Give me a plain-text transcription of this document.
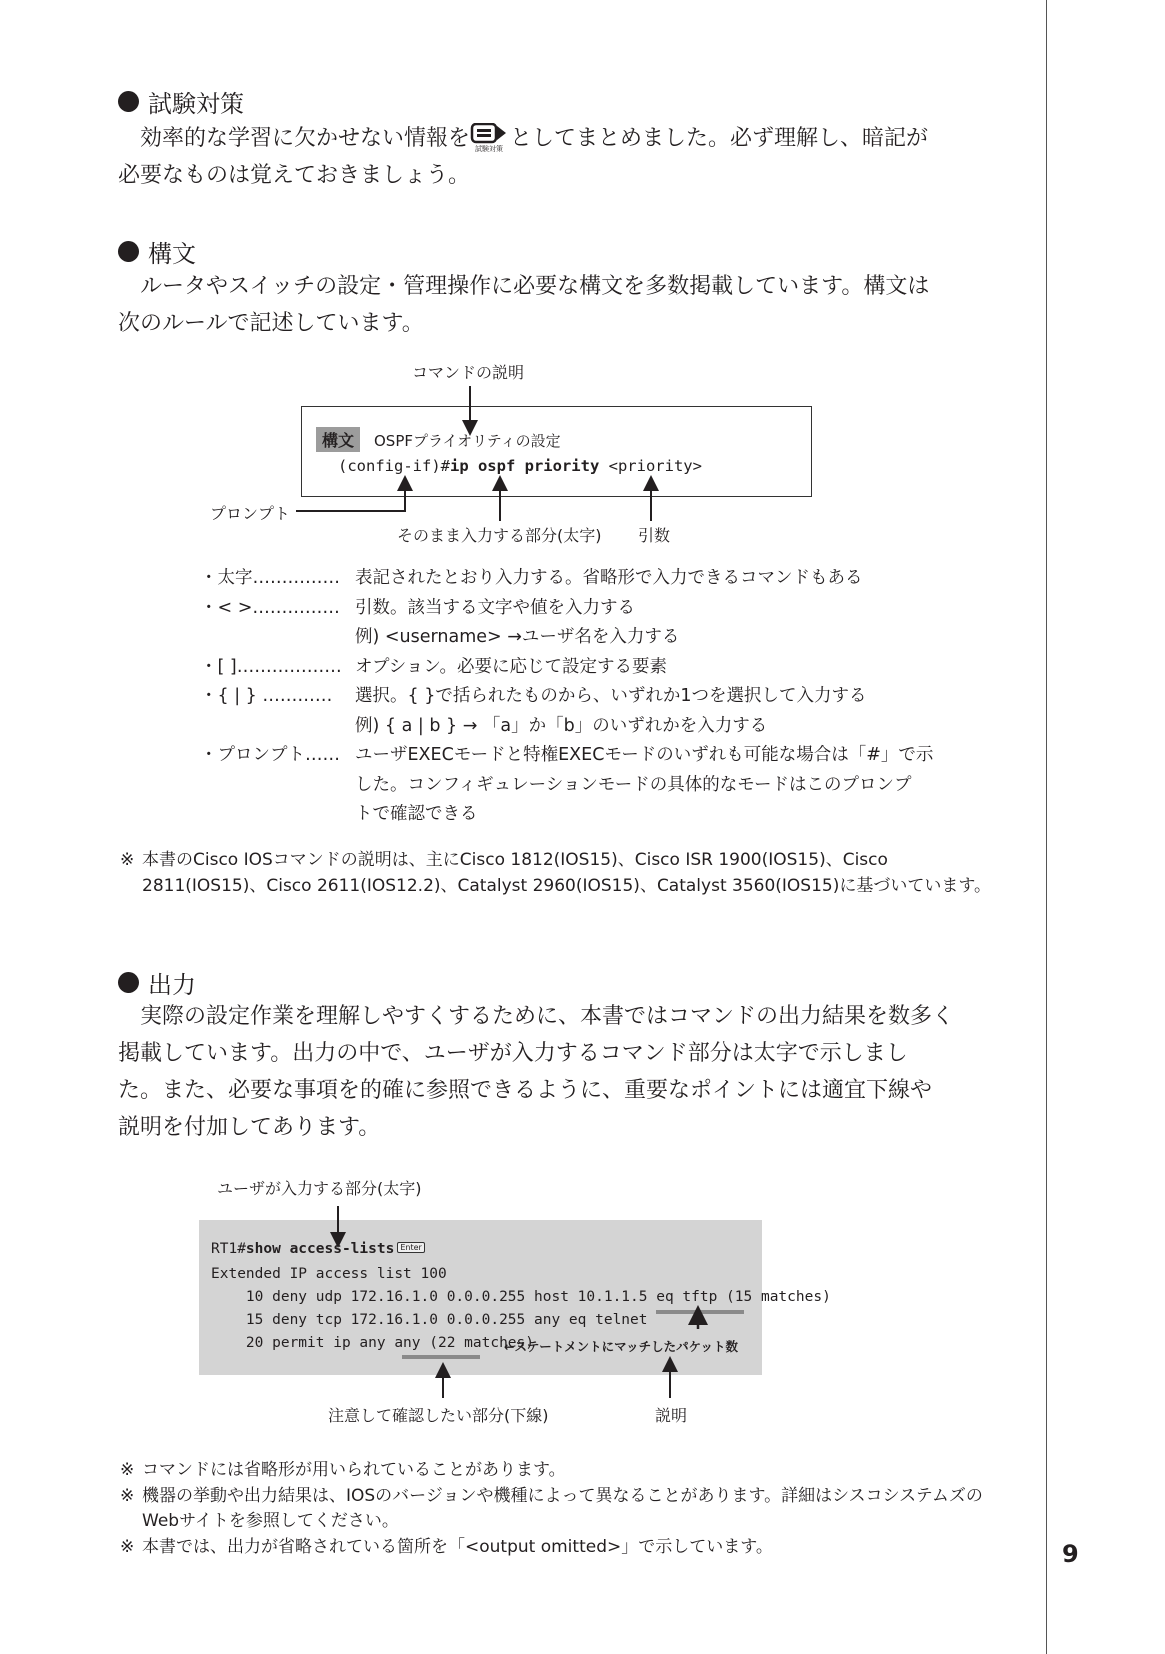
9
試験対策
効率的な学習に欠かせない情報を 試験対策 としてまとめました。必ず理解し、暗記が
必要なものは覚えておきましょう。
構文
ルータやスイッチの設定・管理操作に必要な構文を多数掲載しています。構文は
次のルールで記述しています。
コマンドの説明
構文	OSPFプライオリティの設定
(config-if)#ip ospf priority <priority>
プロンプト
そのまま入力する部分(太字) 引数
・太字…………… 表記されたとおり入力する。省略形で入力できるコマンドもある
・< >…………… 引数。該当する文字や値を入力する
例) <username> →ユーザ名を入力する
・[ ]……………… オプション。必要に応じて設定する要素
・{ | } …………	選択。{ }で括られたものから、いずれか1つを選択して入力する
例) { a | b } → 「a」か「b」のいずれかを入力する
・プロンプト…… ユーザEXECモードと特権EXECモードのいずれも可能な場合は「#」で示
した。コンフィギュレーションモードの具体的なモードはこのプロンプ
トで確認できる
※ 本書のCisco IOSコマンドの説明は、主にCisco 1812(IOS15)、Cisco ISR 1900(IOS15)、Cisco 2811(IOS15)、Cisco 2611(IOS12.2)、Catalyst 2960(IOS15)、Catalyst 3560(IOS15)に基づいています。
出力
実際の設定作業を理解しやすくするために、本書ではコマンドの出力結果を数多く
掲載しています。出力の中で、ユーザが入力するコマンド部分は太字で示しまし
た。また、必要な事項を的確に参照できるように、重要なポイントには適宜下線や
説明を付加してあります。
ユーザが入力する部分(太字)
RT1#show access-lists Enter
Extended IP access list 100
10 deny udp 172.16.1.0 0.0.0.255 host 10.1.1.5 eq tftp (15 matches)
15 deny tcp 172.16.1.0 0.0.0.255 any eq telnet
20 permit ip any any (22 matches)
←ステートメントにマッチしたパケット数
注意して確認したい部分(下線)	説明
※ コマンドには省略形が用いられていることがあります。
※ 機器の挙動や出力結果は、IOSのバージョンや機種によって異なることがあります。詳細はシスコシステムズのWebサイトを参照してください。
※ 本書では、出力が省略されている箇所を「<output omitted>」で示しています。
